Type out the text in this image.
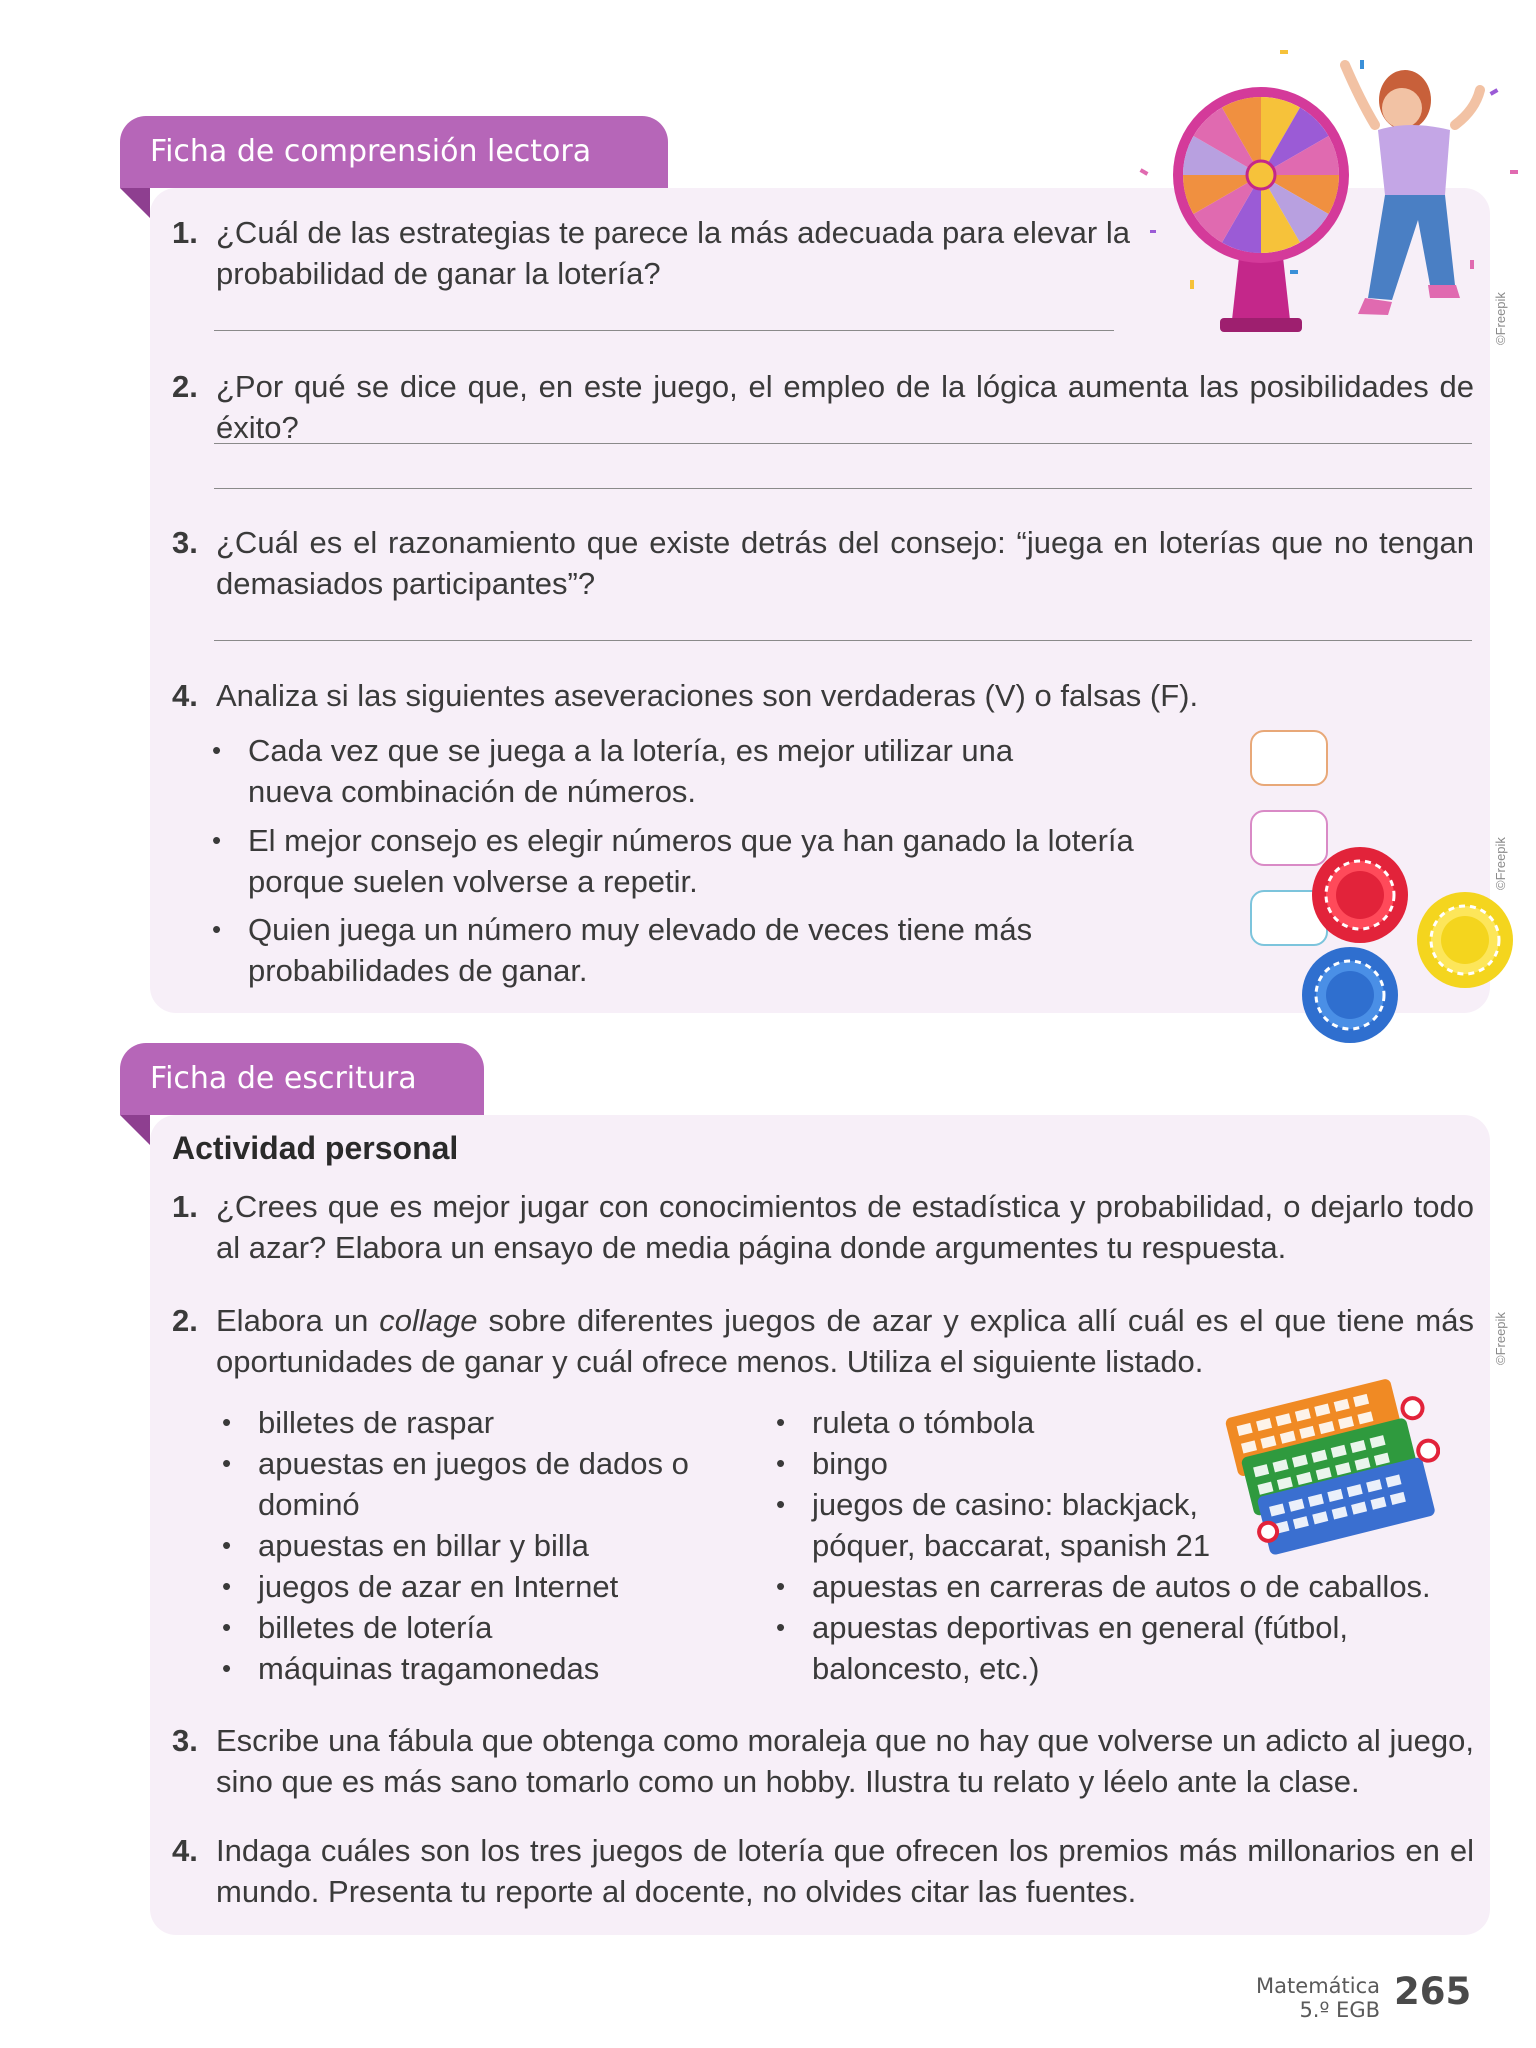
Ficha de comprensión lectora
©Freepik
1. ¿Cuál de las estrategias te parece la más adecuada para elevar la probabilidad de ganar la lotería?
2. ¿Por qué se dice que, en este juego, el empleo de la lógica aumenta las posibilidades de éxito?
3. ¿Cuál es el razonamiento que existe detrás del consejo: “juega en loterías que no tengan demasiados participantes”?
4. Analiza si las siguientes aseveraciones son verdaderas (V) o falsas (F).
• Cada vez que se juega a la lotería, es mejor utilizar una nueva combinación de números.
• El mejor consejo es elegir números que ya han ganado la lotería porque suelen volverse a repetir.
• Quien juega un número muy elevado de veces tiene más probabilidades de ganar.
©Freepik
Ficha de escritura
Actividad personal
1. ¿Crees que es mejor jugar con conocimientos de estadística y probabilidad, o dejarlo todo al azar? Elabora un ensayo de media página donde argumentes tu respuesta.
2. Elabora un collage sobre diferentes juegos de azar y explica allí cuál es el que tiene más oportunidades de ganar y cuál ofrece menos. Utiliza el siguiente listado.
• billetes de raspar
• apuestas en juegos de dados o dominó
• apuestas en billar y billa
• juegos de azar en Internet
• billetes de lotería
• máquinas tragamonedas
• ruleta o tómbola
• bingo
• juegos de casino: blackjack, póquer, baccarat, spanish 21
• apuestas en carreras de autos o de caballos.
• apuestas deportivas en general (fútbol, baloncesto, etc.)
©Freepik
3. Escribe una fábula que obtenga como moraleja que no hay que volverse un adicto al juego, sino que es más sano tomarlo como un hobby. Ilustra tu relato y léelo ante la clase.
4. Indaga cuáles son los tres juegos de lotería que ofrecen los premios más millonarios en el mundo. Presenta tu reporte al docente, no olvides citar las fuentes.
Matemática
5.º EGB 265
